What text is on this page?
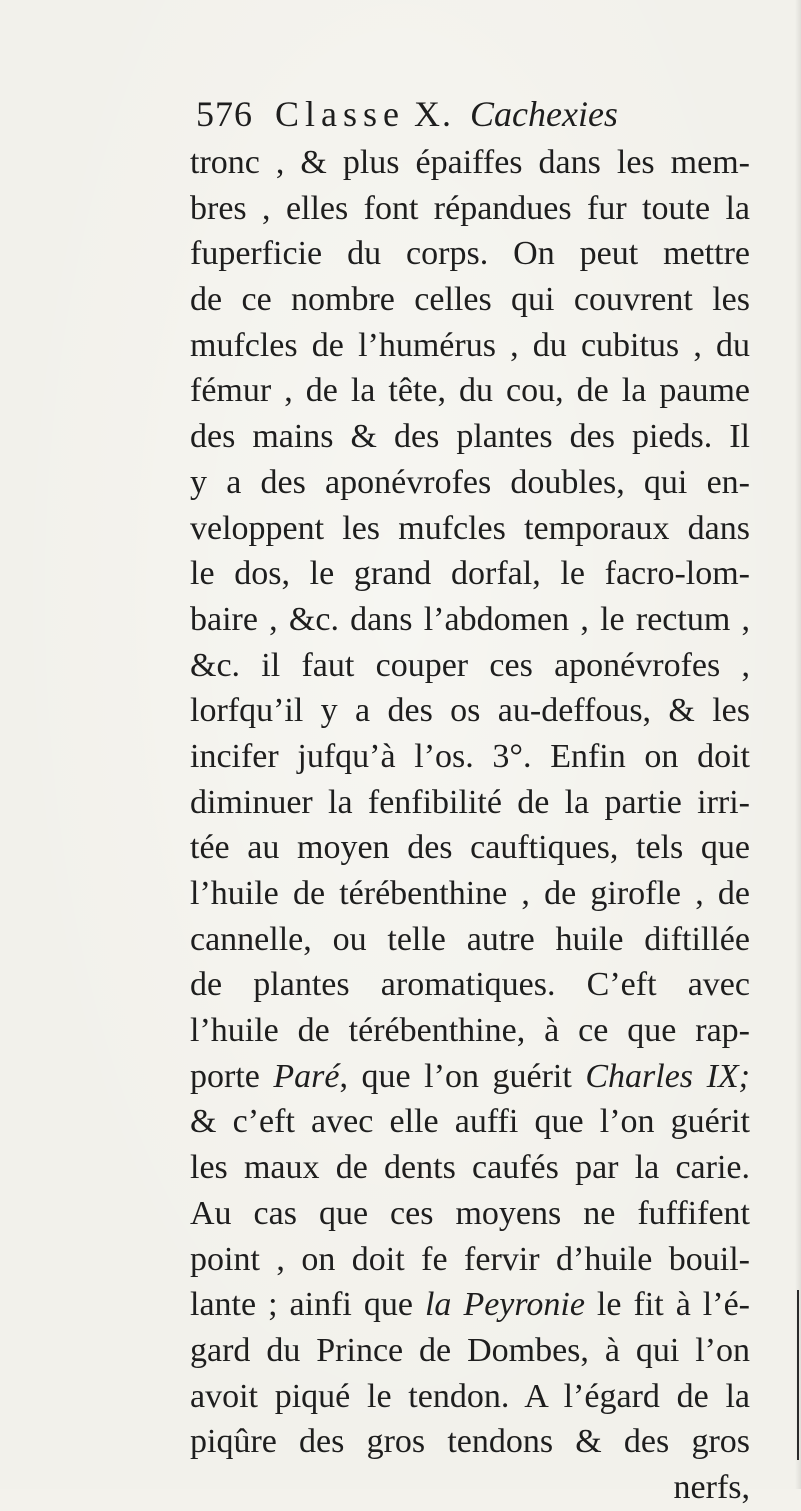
576 Classe X. Cachexies
tronc , & plus épaiffes dans les mem-
bres , elles font répandues fur toute la
fuperficie du corps. On peut mettre
de ce nombre celles qui couvrent les
mufcles de l’humérus , du cubitus , du
fémur , de la tête, du cou, de la paume
des mains & des plantes des pieds. Il
y a des aponévrofes doubles, qui en-
veloppent les mufcles temporaux dans
le dos, le grand dorfal, le facro-lom-
baire , &c. dans l’abdomen , le rectum ,
&c. il faut couper ces aponévrofes ,
lorfqu’il y a des os au-deffous, & les
incifer jufqu’à l’os. 3°. Enfin on doit
diminuer la fenfibilité de la partie irri-
tée au moyen des cauftiques, tels que
l’huile de térébenthine , de girofle , de
cannelle, ou telle autre huile diftillée
de plantes aromatiques. C’eft avec
l’huile de térébenthine, à ce que rap-
porte Paré, que l’on guérit Charles IX;
& c’eft avec elle auffi que l’on guérit
les maux de dents caufés par la carie.
Au cas que ces moyens ne fuffifent
point , on doit fe fervir d’huile bouil-
lante ; ainfi que la Peyronie le fit à l’é-
gard du Prince de Dombes, à qui l’on
avoit piqué le tendon. A l’égard de la
piqûre des gros tendons & des gros
nerfs,
